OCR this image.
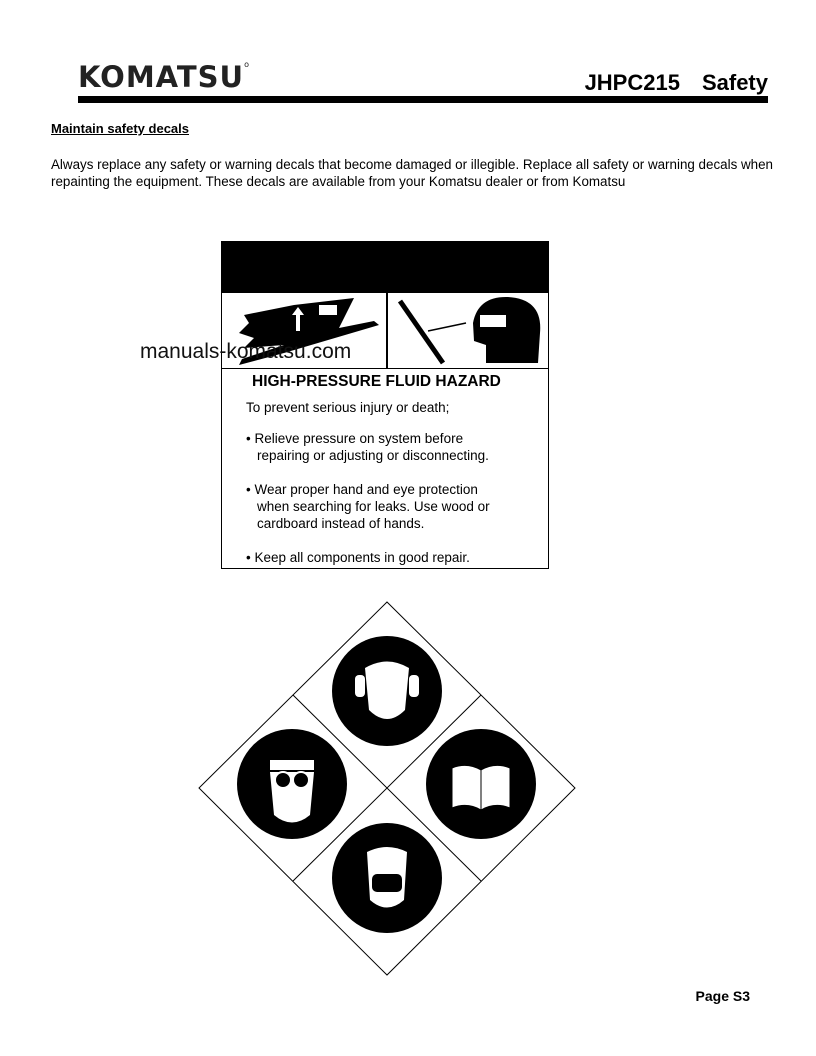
KOMATSU$^o$
JHPC215 Safety
Maintain safety decals
Always replace any safety or warning decals that become damaged or illegible. Replace all safety or warning decals when repainting the equipment. These decals are available from your Komatsu dealer or from Komatsu
HIGH-PRESSURE FLUID HAZARD
To prevent serious injury or death;
• Relieve pressure on system before
repairing or adjusting or disconnecting.
• Wear proper hand and eye protection
when searching for leaks. Use wood or
cardboard instead of hands.
• Keep all components in good repair.
manuals-komatsu.com
Page S3
